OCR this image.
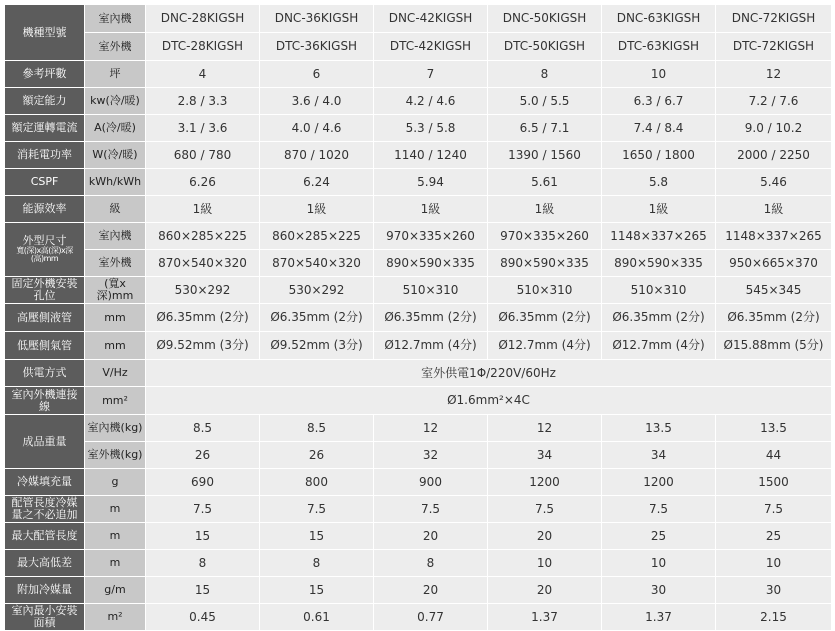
機種型號	室內機	DNC-28KIGSH	DNC-36KIGSH	DNC-42KIGSH	DNC-50KIGSH	DNC-63KIGSH	DNC-72KIGSH
	室外機	DTC-28KIGSH	DTC-36KIGSH	DTC-42KIGSH	DTC-50KIGSH	DTC-63KIGSH	DTC-72KIGSH
參考坪數	坪	4	6	7	8	10	12
額定能力	kw(冷/暖)	2.8 / 3.3	3.6 / 4.0	4.2 / 4.6	5.0 / 5.5	6.3 / 6.7	7.2 / 7.6
額定運轉電流	A(冷/暖)	3.1 / 3.6	4.0 / 4.6	5.3 / 5.8	6.5 / 7.1	7.4 / 8.4	9.0 / 10.2
消耗電功率	W(冷/暖)	680 / 780	870 / 1020	1140 / 1240	1390 / 1560	1650 / 1800	2000 / 2250
CSPF	kWh/kWh	6.26	6.24	5.94	5.61	5.8	5.46
能源效率	級	1級	1級	1級	1級	1級	1級

外型尺寸
寬(深)x高(深)x深(高)mm	室內機	860×285×225	860×285×225	970×335×260	970×335×260	1148×337×265	1148×337×265
	室外機	870×540×320	870×540×320	890×590×335	890×590×335	890×590×335	950×665×370
固定外機安裝孔位	(寬x深)mm	530×292	530×292	510×310	510×310	510×310	545×345
高壓側液管	mm	Ø6.35mm (2分)	Ø6.35mm (2分)	Ø6.35mm (2分)	Ø6.35mm (2分)	Ø6.35mm (2分)	Ø6.35mm (2分)
低壓側氣管	mm	Ø9.52mm (3分)	Ø9.52mm (3分)	Ø12.7mm (4分)	Ø12.7mm (4分)	Ø12.7mm (4分)	Ø15.88mm (5分)
供電方式	V/Hz	室外供電1Φ/220V/60Hz					
室內外機連接線	mm²	Ø1.6mm²×4C					
成品重量	室內機(kg)	8.5	8.5	12	12	13.5	13.5
	室外機(kg)	26	26	32	34	34	44
冷媒填充量	g	690	800	900	1200	1200	1500
配管長度冷媒量之不必追加	m	7.5	7.5	7.5	7.5	7.5	7.5
最大配管長度	m	15	15	20	20	25	25
最大高低差	m	8	8	8	10	10	10
附加冷媒量	g/m	15	15	20	20	30	30
室內最小安裝面積	m²	0.45	0.61	0.77	1.37	1.37	2.15
